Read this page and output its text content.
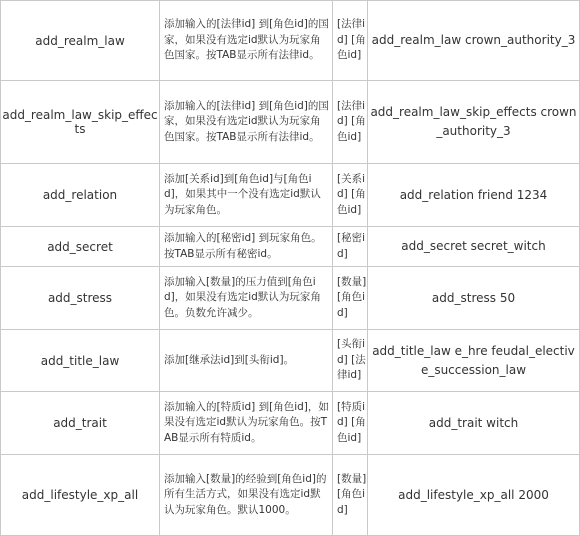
add_realm_law	添加输入的[法律id] 到[角色id]的国家，如果没有选定id默认为玩家角色国家。按TAB显示所有法律id。	[法律id] [角色id]	add_realm_law crown_authority_3
add_realm_law_skip_effects	添加输入的[法律id] 到[角色id]的国家，如果没有选定id默认为玩家角色国家。按TAB显示所有法律id。	[法律id] [角色id]	add_realm_law_skip_effects crown_authority_3
add_relation	添加[关系id]到[角色id]与[角色id]，如果其中一个没有选定id默认为玩家角色。	[关系id] [角色id]	add_relation friend 1234
add_secret	添加输入的[秘密id] 到玩家角色。按TAB显示所有秘密id。	[秘密id]	add_secret secret_witch
add_stress	添加输入[数量]的压力值到[角色id]，如果没有选定id默认为玩家角色。负数允许减少。	[数量] [角色id]	add_stress 50
add_title_law	添加[继承法id]到[头衔id]。	[头衔id] [法律id]	add_title_law e_hre feudal_elective_succession_law
add_trait	添加输入的[特质id] 到[角色id]，如果没有选定id默认为玩家角色。按TAB显示所有特质id。	[特质id] [角色id]	add_trait witch
add_lifestyle_xp_all	添加输入[数量]的经验到[角色id]的所有生活方式，如果没有选定id默认为玩家角色。默认1000。	[数量] [角色id]	add_lifestyle_xp_all 2000
